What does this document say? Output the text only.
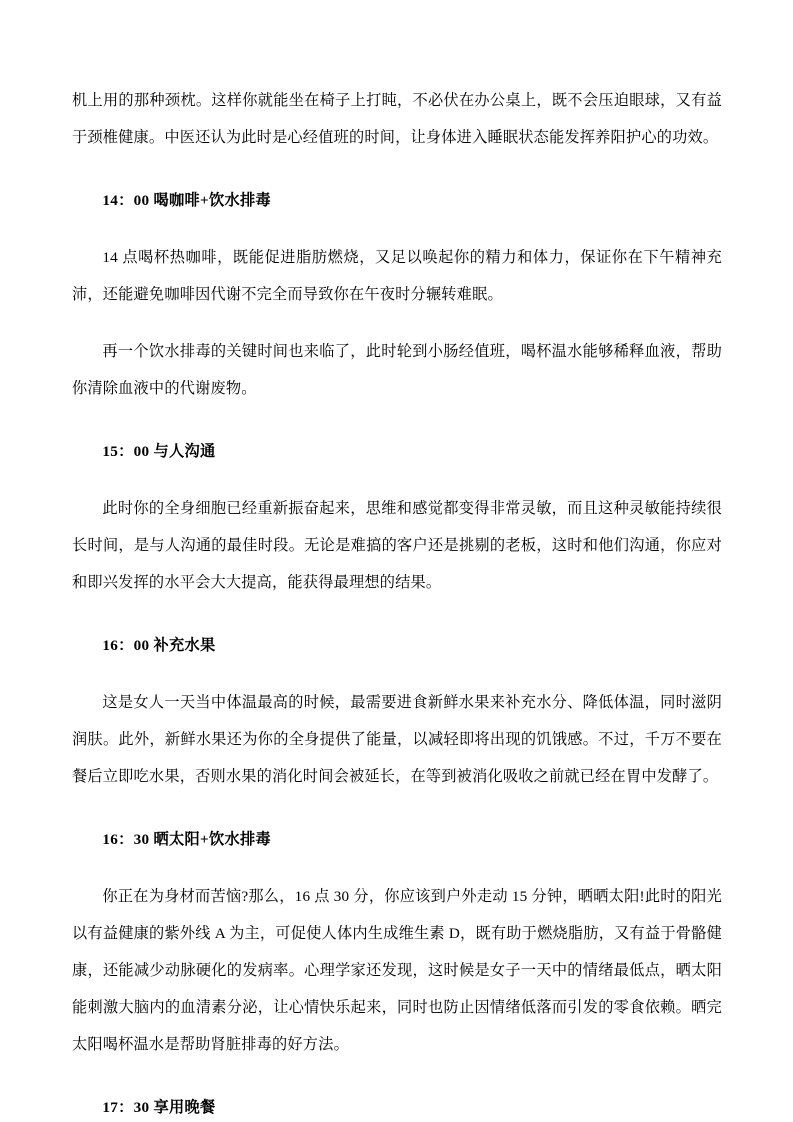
机上用的那种颈枕。这样你就能坐在椅子上打盹，不必伏在办公桌上，既不会压迫眼球，又有益于颈椎健康。中医还认为此时是心经值班的时间，让身体进入睡眠状态能发挥养阳护心的功效。

14：00 喝咖啡+饮水排毒

14 点喝杯热咖啡，既能促进脂肪燃烧，又足以唤起你的精力和体力，保证你在下午精神充沛，还能避免咖啡因代谢不完全而导致你在午夜时分辗转难眠。

再一个饮水排毒的关键时间也来临了，此时轮到小肠经值班，喝杯温水能够稀释血液，帮助你清除血液中的代谢废物。

15：00 与人沟通

此时你的全身细胞已经重新振奋起来，思维和感觉都变得非常灵敏，而且这种灵敏能持续很长时间，是与人沟通的最佳时段。无论是难搞的客户还是挑剔的老板，这时和他们沟通，你应对和即兴发挥的水平会大大提高，能获得最理想的结果。

16：00 补充水果

这是女人一天当中体温最高的时候，最需要进食新鲜水果来补充水分、降低体温，同时滋阴润肤。此外，新鲜水果还为你的全身提供了能量，以减轻即将出现的饥饿感。不过，千万不要在餐后立即吃水果，否则水果的消化时间会被延长，在等到被消化吸收之前就已经在胃中发酵了。

16：30 晒太阳+饮水排毒

你正在为身材而苦恼?那么，16 点 30 分，你应该到户外走动 15 分钟，晒晒太阳!此时的阳光以有益健康的紫外线 A 为主，可促使人体内生成维生素 D，既有助于燃烧脂肪，又有益于骨骼健康，还能减少动脉硬化的发病率。心理学家还发现，这时候是女子一天中的情绪最低点，晒太阳能刺激大脑内的血清素分泌，让心情快乐起来，同时也防止因情绪低落而引发的零食依赖。晒完太阳喝杯温水是帮助肾脏排毒的好方法。

17：30 享用晚餐
